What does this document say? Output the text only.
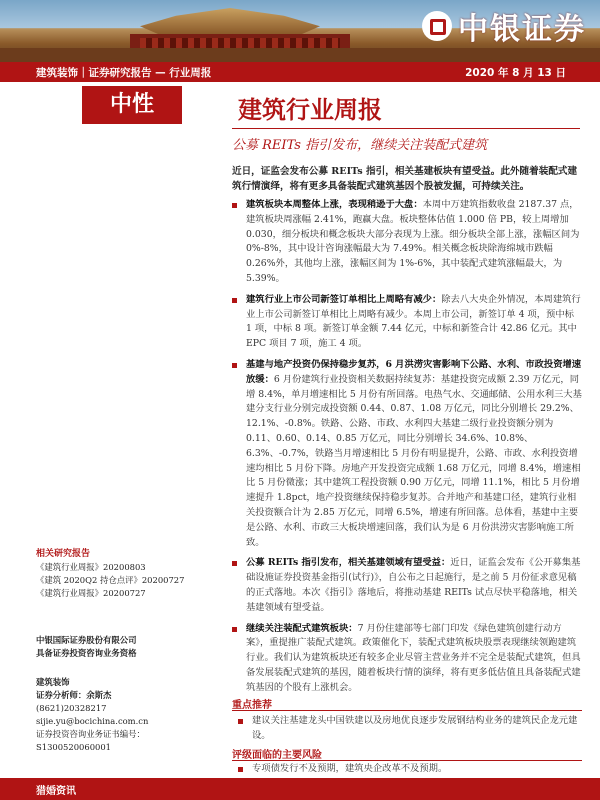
中银证券
建筑装饰｜证券研究报告 — 行业周报	2020 年 8 月 13 日
中性	建筑行业周报
公募 REITs 指引发布，继续关注装配式建筑
近日，证监会发布公募 REITs 指引，相关基建板块有望受益。此外随着装配式建筑行情演绎，将有更多具备装配式建筑基因个股被发掘，可持续关注。
建筑板块本周整体上涨，表现稍逊于大盘：本周中万建筑指数收盘 2187.37 点，建筑板块周涨幅 2.41%，跑赢大盘。板块整体估值 1.000 倍 PB，较上周增加 0.030，细分板块和概念板块大部分表现为上涨。细分板块全部上涨，涨幅区间为 0%-8%，其中设计咨询涨幅最大为 7.49%。相关概念板块除海绵城市跌幅 0.26%外，其他均上涨，涨幅区间为 1%-6%，其中装配式建筑涨幅最大，为 5.39%。
建筑行业上市公司新签订单相比上周略有减少：除去八大央企外情况，本周建筑行业上市公司新签订单相比上周略有减少。本周上市公司，新签订单 4 项，预中标 1 项，中标 8 项。新签订单金额 7.44 亿元，中标和新签合计 42.86 亿元。其中 EPC 项目 7 项，施工 4 项。
基建与地产投资仍保持稳步复苏，6 月洪涝灾害影响下公路、水利、市政投资增速放缓：6 月份建筑行业投资相关数据持续复苏：基建投资完成额 2.39 万亿元，同增 8.4%，单月增速相比 5 月份有所回落。电热气水、交通邮储、公用水利三大基建分支行业分别完成投资额 0.44、0.87、1.08 万亿元，同比分别增长 29.2%、12.1%、-0.8%。铁路、公路、市政、水利四大基建二级行业投资额分别为 0.11、0.60、0.14、0.85 万亿元，同比分别增长 34.6%、10.8%、6.3%、-0.7%，铁路当月增速相比 5 月份有明显提升，公路、市政、水利投资增速均相比 5 月份下降。房地产开发投资完成额 1.68 万亿元，同增 8.4%，增速相比 5 月份微涨；其中建筑工程投资额 0.90 万亿元，同增 11.1%，相比 5 月份增速提升 1.8pct，地产投资继续保持稳步复苏。合并地产和基建口径，建筑行业相关投资额合计为 2.85 万亿元，同增 6.5%，增速有所回落。总体看，基建中主要是公路、水利、市政三大板块增速回落，我们认为是 6 月份洪涝灾害影响施工所致。
公募 REITs 指引发布，相关基建领域有望受益：近日，证监会发布《公开募集基础设施证券投资基金指引(试行)》，自公布之日起施行，是之前 5 月份征求意见稿的正式落地。本次《指引》落地后，将推动基建 REITs 试点尽快平稳落地，相关基建领域有望受益。
继续关注装配式建筑板块：7 月份住建部等七部门印发《绿色建筑创建行动方案》，重提推广装配式建筑。政策催化下，装配式建筑板块股票表现继续领跑建筑行业。我们认为建筑板块还有较多企业尽管主营业务并不完全是装配式建筑，但具备发展装配式建筑的基因，随着板块行情的演绎，将有更多低估值且具备装配式建筑基因的个股有上涨机会。
重点推荐
建议关注基建龙头中国铁建以及房地优良逐步发展钢结构业务的建筑民企龙元建设。
评级面临的主要风险
专项债发行不及预期，建筑央企改革不及预期。
相关研究报告
《建筑行业周报》20200803
《建筑 2020Q2 持仓点评》20200727
《建筑行业周报》20200727
中银国际证券股份有限公司
具备证券投资咨询业务资格
建筑装饰
证券分析师：余斯杰
(8621)20328217
sijie.yu@bocichina.com.cn
证券投资咨询业务证书编号：S1300520060001
猎婚资讯
